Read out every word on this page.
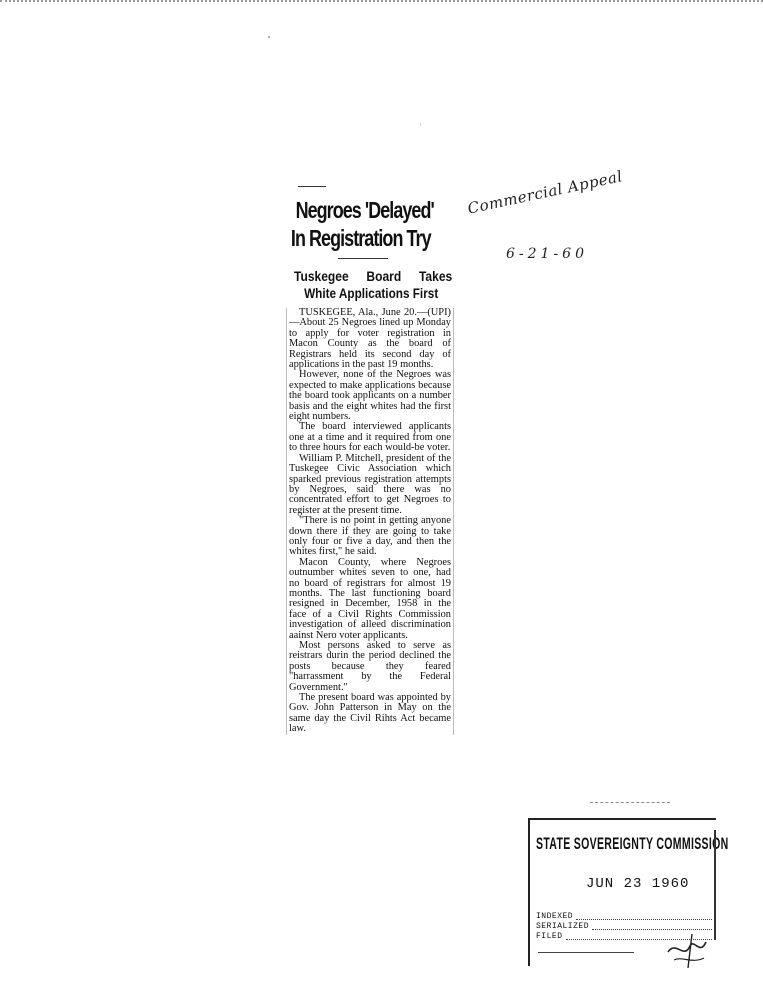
Negroes 'Delayed'
In Registration Try
Tuskegee Board Takes
White Applications First

TUSKEGEE, Ala., June 20.—(UPI)—About 25 Negroes lined up Monday to apply for voter registration in Macon County as the board of Registrars held its second day of applications in the past 19 months.

However, none of the Negroes was expected to make applications because the board took applicants on a number basis and the eight whites had the first eight numbers.

The board interviewed applicants one at a time and it required from one to three hours for each would-be voter.

William P. Mitchell, president of the Tuskegee Civic Association which sparked previous registration attempts by Negroes, said there was no concentrated effort to get Negroes to register at the present time.

"There is no point in getting anyone down there if they are going to take only four or five a day, and then the whites first," he said.

Macon County, where Negroes outnumber whites seven to one, had no board of registrars for almost 19 months. The last functioning board resigned in December, 1958 in the face of a Civil Rights Commission investigation of alleed discrimination aainst Nero voter applicants.

Most persons asked to serve as reistrars durin the period declined the posts because they feared "harrassment by the Federal Government."

The present board was appointed by Gov. John Patterson in May on the same day the Civil Rihts Act became law.

Commercial Appeal
6-21-60
STATE SOVEREIGNTY COMMISSION
JUN 23 1960
INDEXED
SERIALIZED
FILED
